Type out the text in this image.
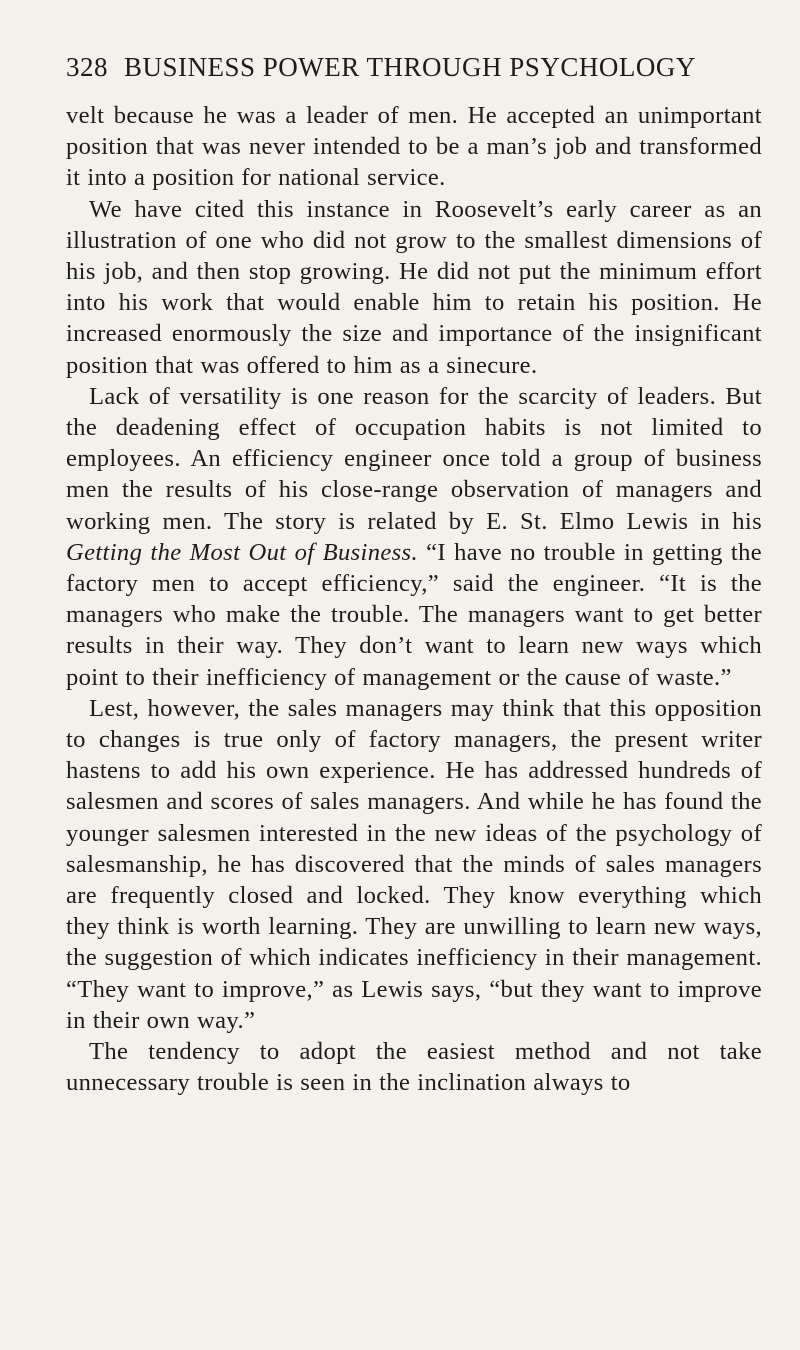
328 BUSINESS POWER THROUGH PSYCHOLOGY

velt because he was a leader of men. He accepted an unimportant position that was never intended to be a man’s job and transformed it into a position for national service.

We have cited this instance in Roosevelt’s early career as an illustration of one who did not grow to the smallest dimensions of his job, and then stop growing. He did not put the minimum effort into his work that would enable him to retain his position. He increased enormously the size and importance of the insignificant position that was offered to him as a sinecure.

Lack of versatility is one reason for the scarcity of leaders. But the deadening effect of occupation habits is not limited to employees. An efficiency engineer once told a group of business men the results of his close-range observation of managers and working men. The story is related by E. St. Elmo Lewis in his Getting the Most Out of Business. “I have no trouble in getting the factory men to accept efficiency,” said the engineer. “It is the managers who make the trouble. The managers want to get better results in their way. They don’t want to learn new ways which point to their inefficiency of management or the cause of waste.”

Lest, however, the sales managers may think that this opposition to changes is true only of factory managers, the present writer hastens to add his own experience. He has addressed hundreds of salesmen and scores of sales managers. And while he has found the younger salesmen interested in the new ideas of the psychology of salesmanship, he has discovered that the minds of sales managers are frequently closed and locked. They know everything which they think is worth learning. They are unwilling to learn new ways, the suggestion of which indicates inefficiency in their management. “They want to improve,” as Lewis says, “but they want to improve in their own way.”

The tendency to adopt the easiest method and not take unnecessary trouble is seen in the inclination always to
